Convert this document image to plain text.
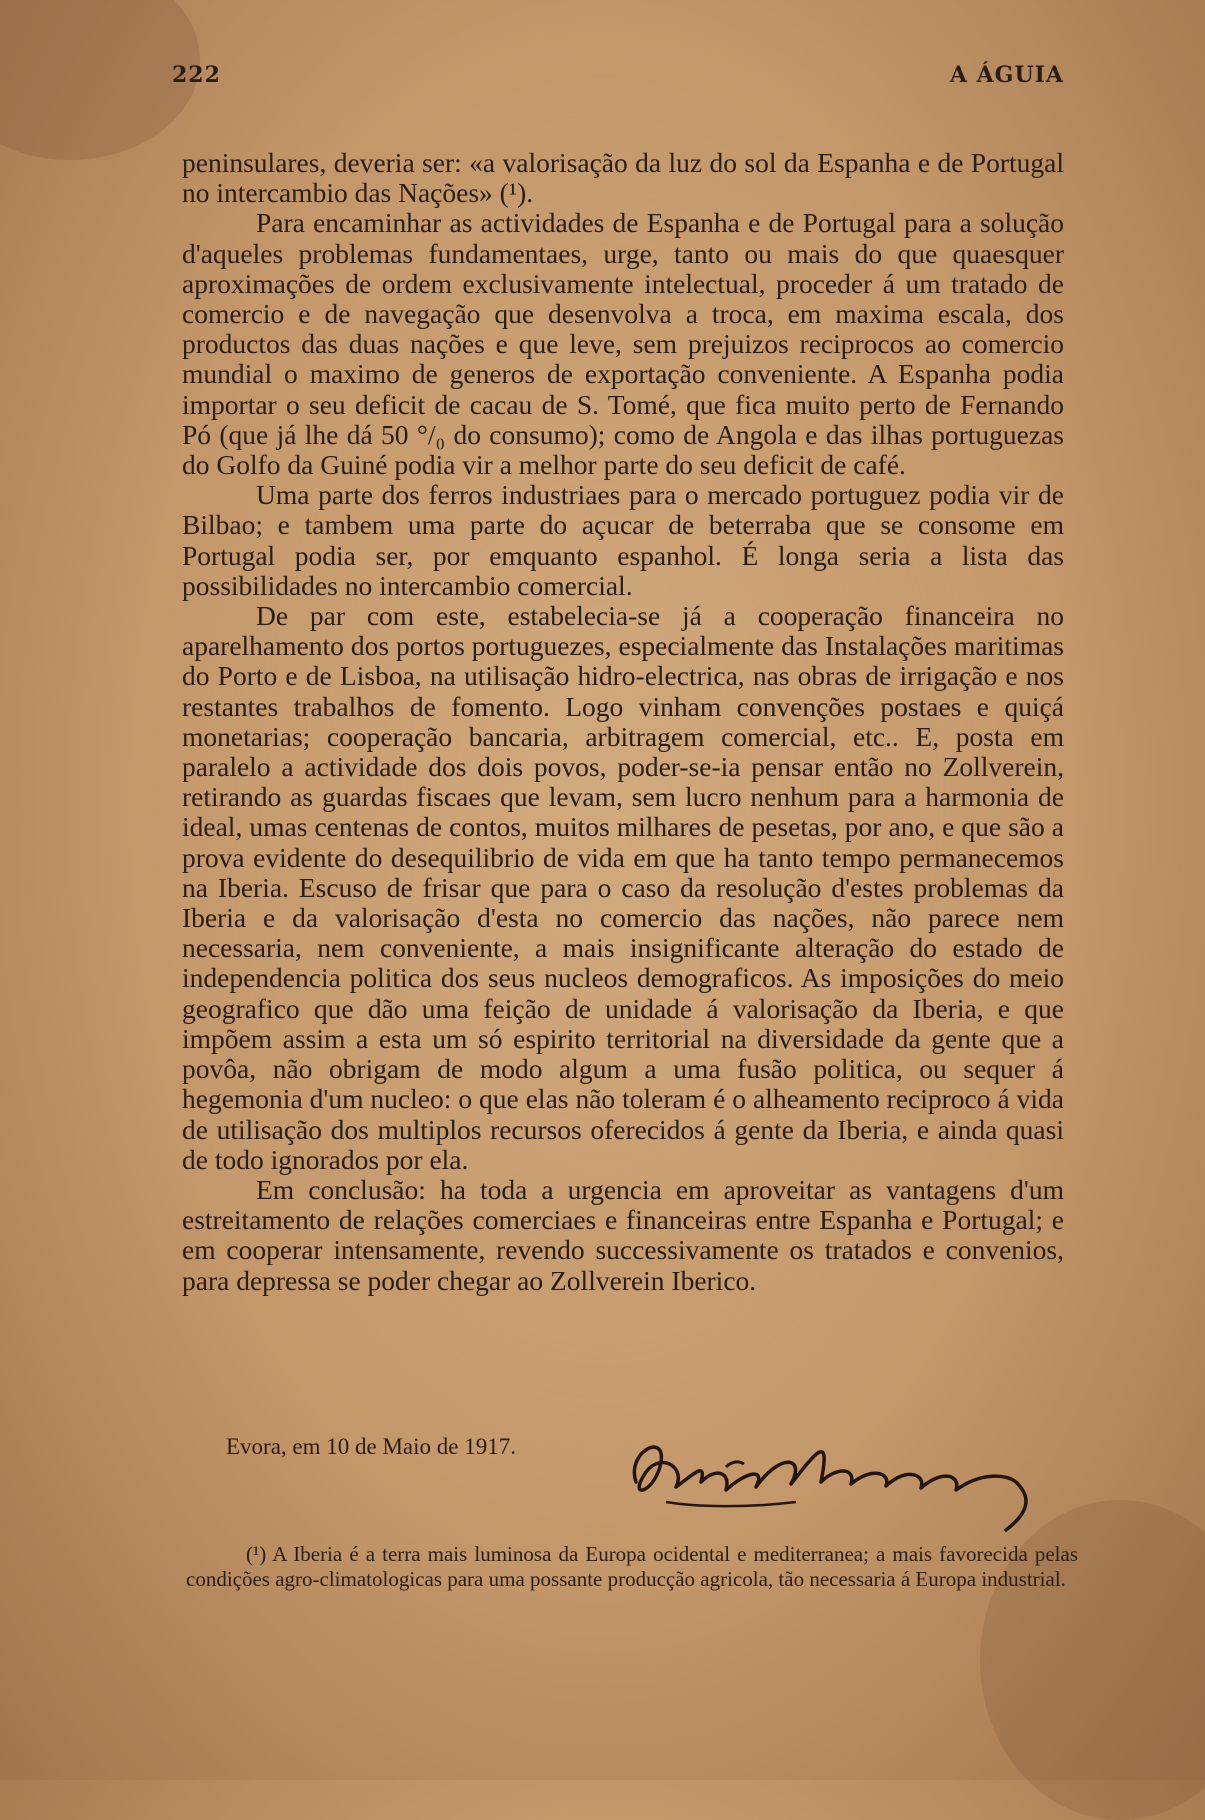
222	A ÁGUIA

peninsulares, deveria ser: «a valorisação da luz do sol da Espanha e de Portugal no intercambio das Nações» (¹).

Para encaminhar as actividades de Espanha e de Portugal para a solução d'aqueles problemas fundamentaes, urge, tanto ou mais do que quaesquer aproximações de ordem exclusivamente intelectual, proceder á um tratado de comercio e de navegação que desenvolva a troca, em maxima escala, dos productos das duas nações e que leve, sem prejuizos reciprocos ao comercio mundial o maximo de generos de exportação conveniente. A Espanha podia importar o seu deficit de cacau de S. Tomé, que fica muito perto de Fernando Pó (que já lhe dá 50 °/₀ do consumo); como de Angola e das ilhas portuguezas do Golfo da Guiné podia vir a melhor parte do seu deficit de café.

Uma parte dos ferros industriaes para o mercado portuguez podia vir de Bilbao; e tambem uma parte do açucar de beterraba que se consome em Portugal podia ser, por emquanto espanhol. É longa seria a lista das possibilidades no intercambio comercial.

De par com este, estabelecia-se já a cooperação financeira no aparelhamento dos portos portuguezes, especialmente das Instalações maritimas do Porto e de Lisboa, na utilisação hidro-electrica, nas obras de irrigação e nos restantes trabalhos de fomento. Logo vinham convenções postaes e quiçá monetarias; cooperação bancaria, arbitragem comercial, etc.. E, posta em paralelo a actividade dos dois povos, poder-se-ia pensar então no Zollverein, retirando as guardas fiscaes que levam, sem lucro nenhum para a harmonia de ideal, umas centenas de contos, muitos milhares de pesetas, por ano, e que são a prova evidente do desequilibrio de vida em que ha tanto tempo permanecemos na Iberia. Escuso de frisar que para o caso da resolução d'estes problemas da Iberia e da valorisação d'esta no comercio das nações, não parece nem necessaria, nem conveniente, a mais insignificante alteração do estado de independencia politica dos seus nucleos demograficos. As imposições do meio geografico que dão uma feição de unidade á valorisação da Iberia, e que impõem assim a esta um só espirito territorial na diversidade da gente que a povôa, não obrigam de modo algum a uma fusão politica, ou sequer á hegemonia d'um nucleo: o que elas não toleram é o alheamento reciproco á vida de utilisação dos multiplos recursos oferecidos á gente da Iberia, e ainda quasi de todo ignorados por ela.

Em conclusão: ha toda a urgencia em aproveitar as vantagens d'um estreitamento de relações comerciaes e financeiras entre Espanha e Portugal; e em cooperar intensamente, revendo successivamente os tratados e convenios, para depressa se poder chegar ao Zollverein Iberico.

Evora, em 10 de Maio de 1917.

(¹) A Iberia é a terra mais luminosa da Europa ocidental e mediterranea; a mais favorecida pelas condições agro-climatologicas para uma possante producção agricola, tão necessaria á Europa industrial.
